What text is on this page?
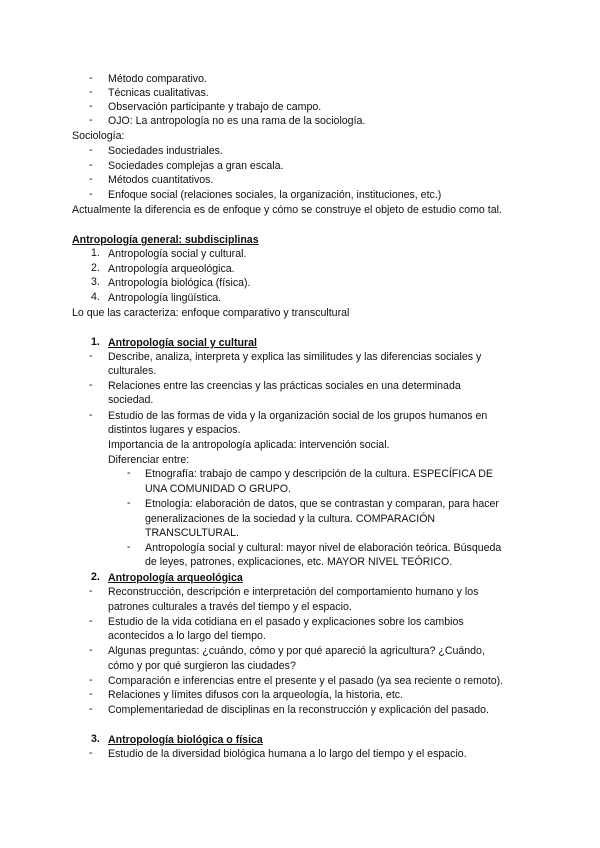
- Método comparativo.
- Técnicas cualitativas.
- Observación participante y trabajo de campo.
- OJO: La antropología no es una rama de la sociología.
Sociología:
- Sociedades industriales.
- Sociedades complejas a gran escala.
- Métodos cuantitativos.
- Enfoque social (relaciones sociales, la organización, instituciones, etc.)
Actualmente la diferencia es de enfoque y cómo se construye el objeto de estudio como tal.
Antropología general: subdisciplinas
1. Antropología social y cultural.
2. Antropología arqueológica.
3. Antropología biológica (física).
4. Antropología lingüística.
Lo que las caracteriza: enfoque comparativo y transcultural
1. Antropología social y cultural
- Describe, analiza, interpreta y explica las similitudes y las diferencias sociales y
culturales.
- Relaciones entre las creencias y las prácticas sociales en una determinada
sociedad.
- Estudio de las formas de vida y la organización social de los grupos humanos en
distintos lugares y espacios.
Importancia de la antropología aplicada: intervención social.
Diferenciar entre:
- Etnografía: trabajo de campo y descripción de la cultura. ESPECÍFICA DE
UNA COMUNIDAD O GRUPO.
- Etnología: elaboración de datos, que se contrastan y comparan, para hacer
generalizaciones de la sociedad y la cultura. COMPARACIÓN
TRANSCULTURAL.
- Antropología social y cultural: mayor nivel de elaboración teórica. Búsqueda
de leyes, patrones, explicaciones, etc. MAYOR NIVEL TEÓRICO.
2. Antropología arqueológica
- Reconstrucción, descripción e interpretación del comportamiento humano y los
patrones culturales a través del tiempo y el espacio.
- Estudio de la vida cotidiana en el pasado y explicaciones sobre los cambios
acontecidos a lo largo del tiempo.
- Algunas preguntas: ¿cuándo, cómo y por qué apareció la agricultura? ¿Cuándo,
cómo y por qué surgieron las ciudades?
- Comparación e inferencias entre el presente y el pasado (ya sea reciente o remoto).
- Relaciones y límites difusos con la arqueología, la historia, etc.
- Complementariedad de disciplinas en la reconstrucción y explicación del pasado.
3. Antropología biológica o física
- Estudio de la diversidad biológica humana a lo largo del tiempo y el espacio.
